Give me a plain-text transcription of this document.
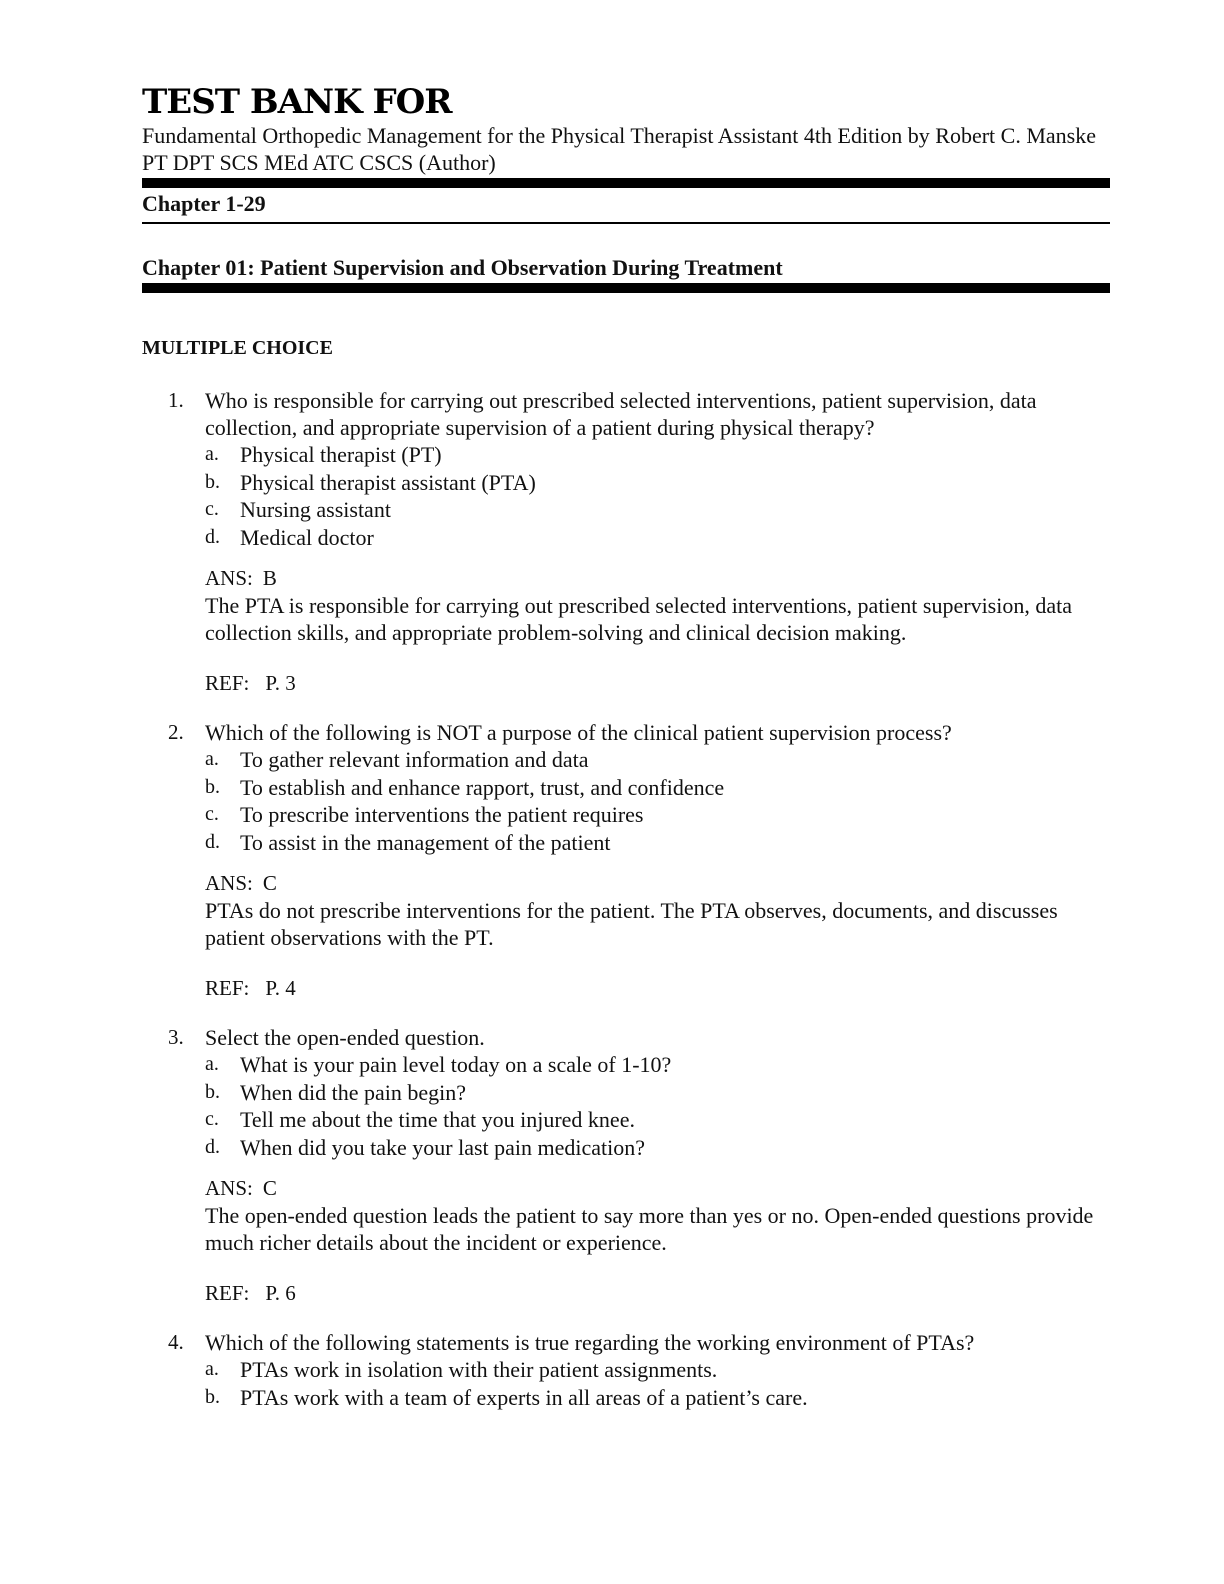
TEST BANK FOR

Fundamental Orthopedic Management for the Physical Therapist Assistant 4th Edition by Robert C. Manske PT DPT SCS MEd ATC CSCS (Author)

Chapter 1-29

Chapter 01: Patient Supervision and Observation During Treatment

MULTIPLE CHOICE

1. Who is responsible for carrying out prescribed selected interventions, patient supervision, data collection, and appropriate supervision of a patient during physical therapy?

a. Physical therapist (PT)
b. Physical therapist assistant (PTA)
c. Nursing assistant
d. Medical doctor
ANS: B

The PTA is responsible for carrying out prescribed selected interventions, patient supervision, data collection skills, and appropriate problem-solving and clinical decision making.

REF: P. 3
2. Which of the following is NOT a purpose of the clinical patient supervision process?

a. To gather relevant information and data
b. To establish and enhance rapport, trust, and confidence
c. To prescribe interventions the patient requires
d. To assist in the management of the patient
ANS: C

PTAs do not prescribe interventions for the patient. The PTA observes, documents, and discusses patient observations with the PT.

REF: P. 4
3. Select the open-ended question.

a. What is your pain level today on a scale of 1-10?
b. When did the pain begin?
c. Tell me about the time that you injured knee.
d. When did you take your last pain medication?
ANS: C

The open-ended question leads the patient to say more than yes or no. Open-ended questions provide much richer details about the incident or experience.

REF: P. 6
4. Which of the following statements is true regarding the working environment of PTAs?

a. PTAs work in isolation with their patient assignments.
b. PTAs work with a team of experts in all areas of a patient’s care.
